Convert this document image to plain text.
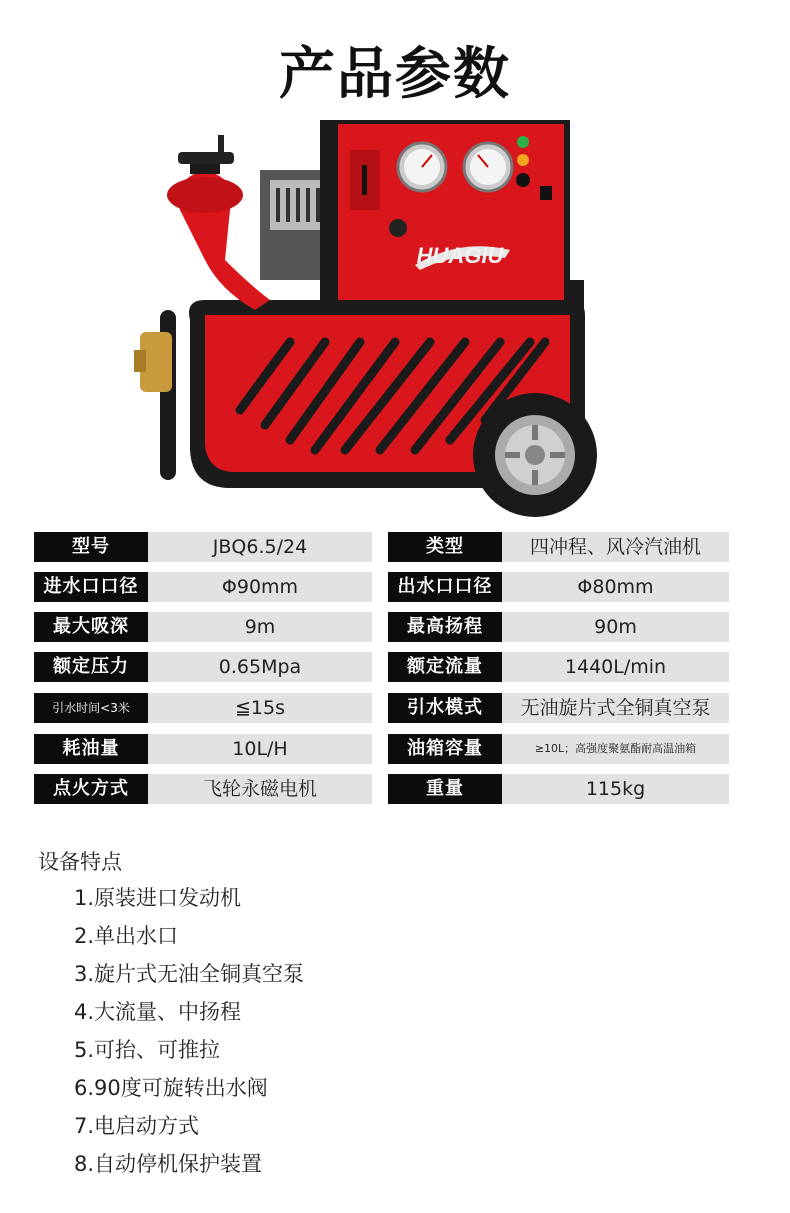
产品参数
HUAGIU
型号	JBQ6.5/24	类型	四冲程、风冷汽油机
进水口口径	Φ90mm	出水口口径	Φ80mm
最大吸深	9m	最高扬程	90m
额定压力	0.65Mpa	额定流量	1440L/min
引水时间<3米	≦15s	引水模式	无油旋片式全铜真空泵
耗油量	10L/H	油箱容量	≥10L；高强度聚氨酯耐高温油箱
点火方式	飞轮永磁电机	重量	115kg
设备特点
1.原装进口发动机
2.单出水口
3.旋片式无油全铜真空泵
4.大流量、中扬程
5.可抬、可推拉
6.90度可旋转出水阀
7.电启动方式
8.自动停机保护装置
